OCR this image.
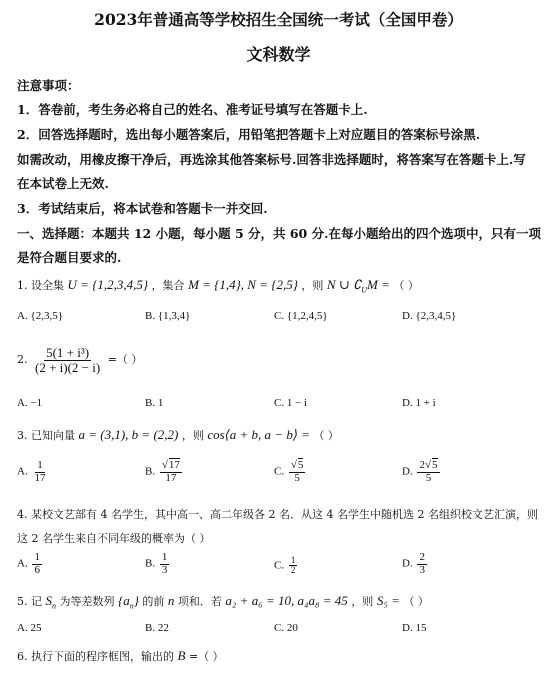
2023年普通高等学校招生全国统一考试（全国甲卷）
文科数学
注意事项：
1．答卷前，考生务必将自己的姓名、准考证号填写在答题卡上.
2．回答选择题时，选出每小题答案后，用铅笔把答题卡上对应题目的答案标号涂黑.
如需改动，用橡皮擦干净后，再选涂其他答案标号.回答非选择题时，将答案写在答题卡上.写
在本试卷上无效.
3．考试结束后，将本试卷和答题卡一并交回.
一、选择题：本题共 12 小题，每小题 5 分，共 60 分.在每小题给出的四个选项中，只有一项
是符合题目要求的.
1. 设全集 U = {1,2,3,4,5} ，集合 M = {1,4}, N = {2,5} ，则 N ∪ $∁_UM$ = （ ）
A. {2,3,5}	B. {1,3,4}	C. {1,2,4,5}	D. {2,3,4,5}
2. $\frac{\text{5(1 + i³)}}{(2 + i)(2 - i)}$ =（ ）
A. −1	B. 1	C. 1 − i	D. 1 + i
3. 已知向量 a = (3,1), b = (2,2) ，则 cos⟨a + b, a − b⟩ = （ ）
A. $\frac{1}{17}$	B. $\frac{√17}{17}$	C. $\frac{√5}{5}$	D. $\frac{2√5}{5}$
4. 某校文艺部有 4 名学生，其中高一、高二年级各 2 名．从这 4 名学生中随机选 2 名组织校文艺汇演，则
这 2 名学生来自不同年级的概率为（ ）
A. $\frac{1}{6}$	B. $\frac{1}{3}$	C. $\frac{1}{2}$	D. $\frac{2}{3}$
5. 记 $S_n$ 为等差数列 $\{a_n\}$ 的前 n 项和．若 a₂ + a₆ = 10, a₄a₈ = 45 ，则 S₅ = （ ）
A. 25	B. 22	C. 20	D. 15
6. 执行下面的程序框图，输出的 B =（ ）
